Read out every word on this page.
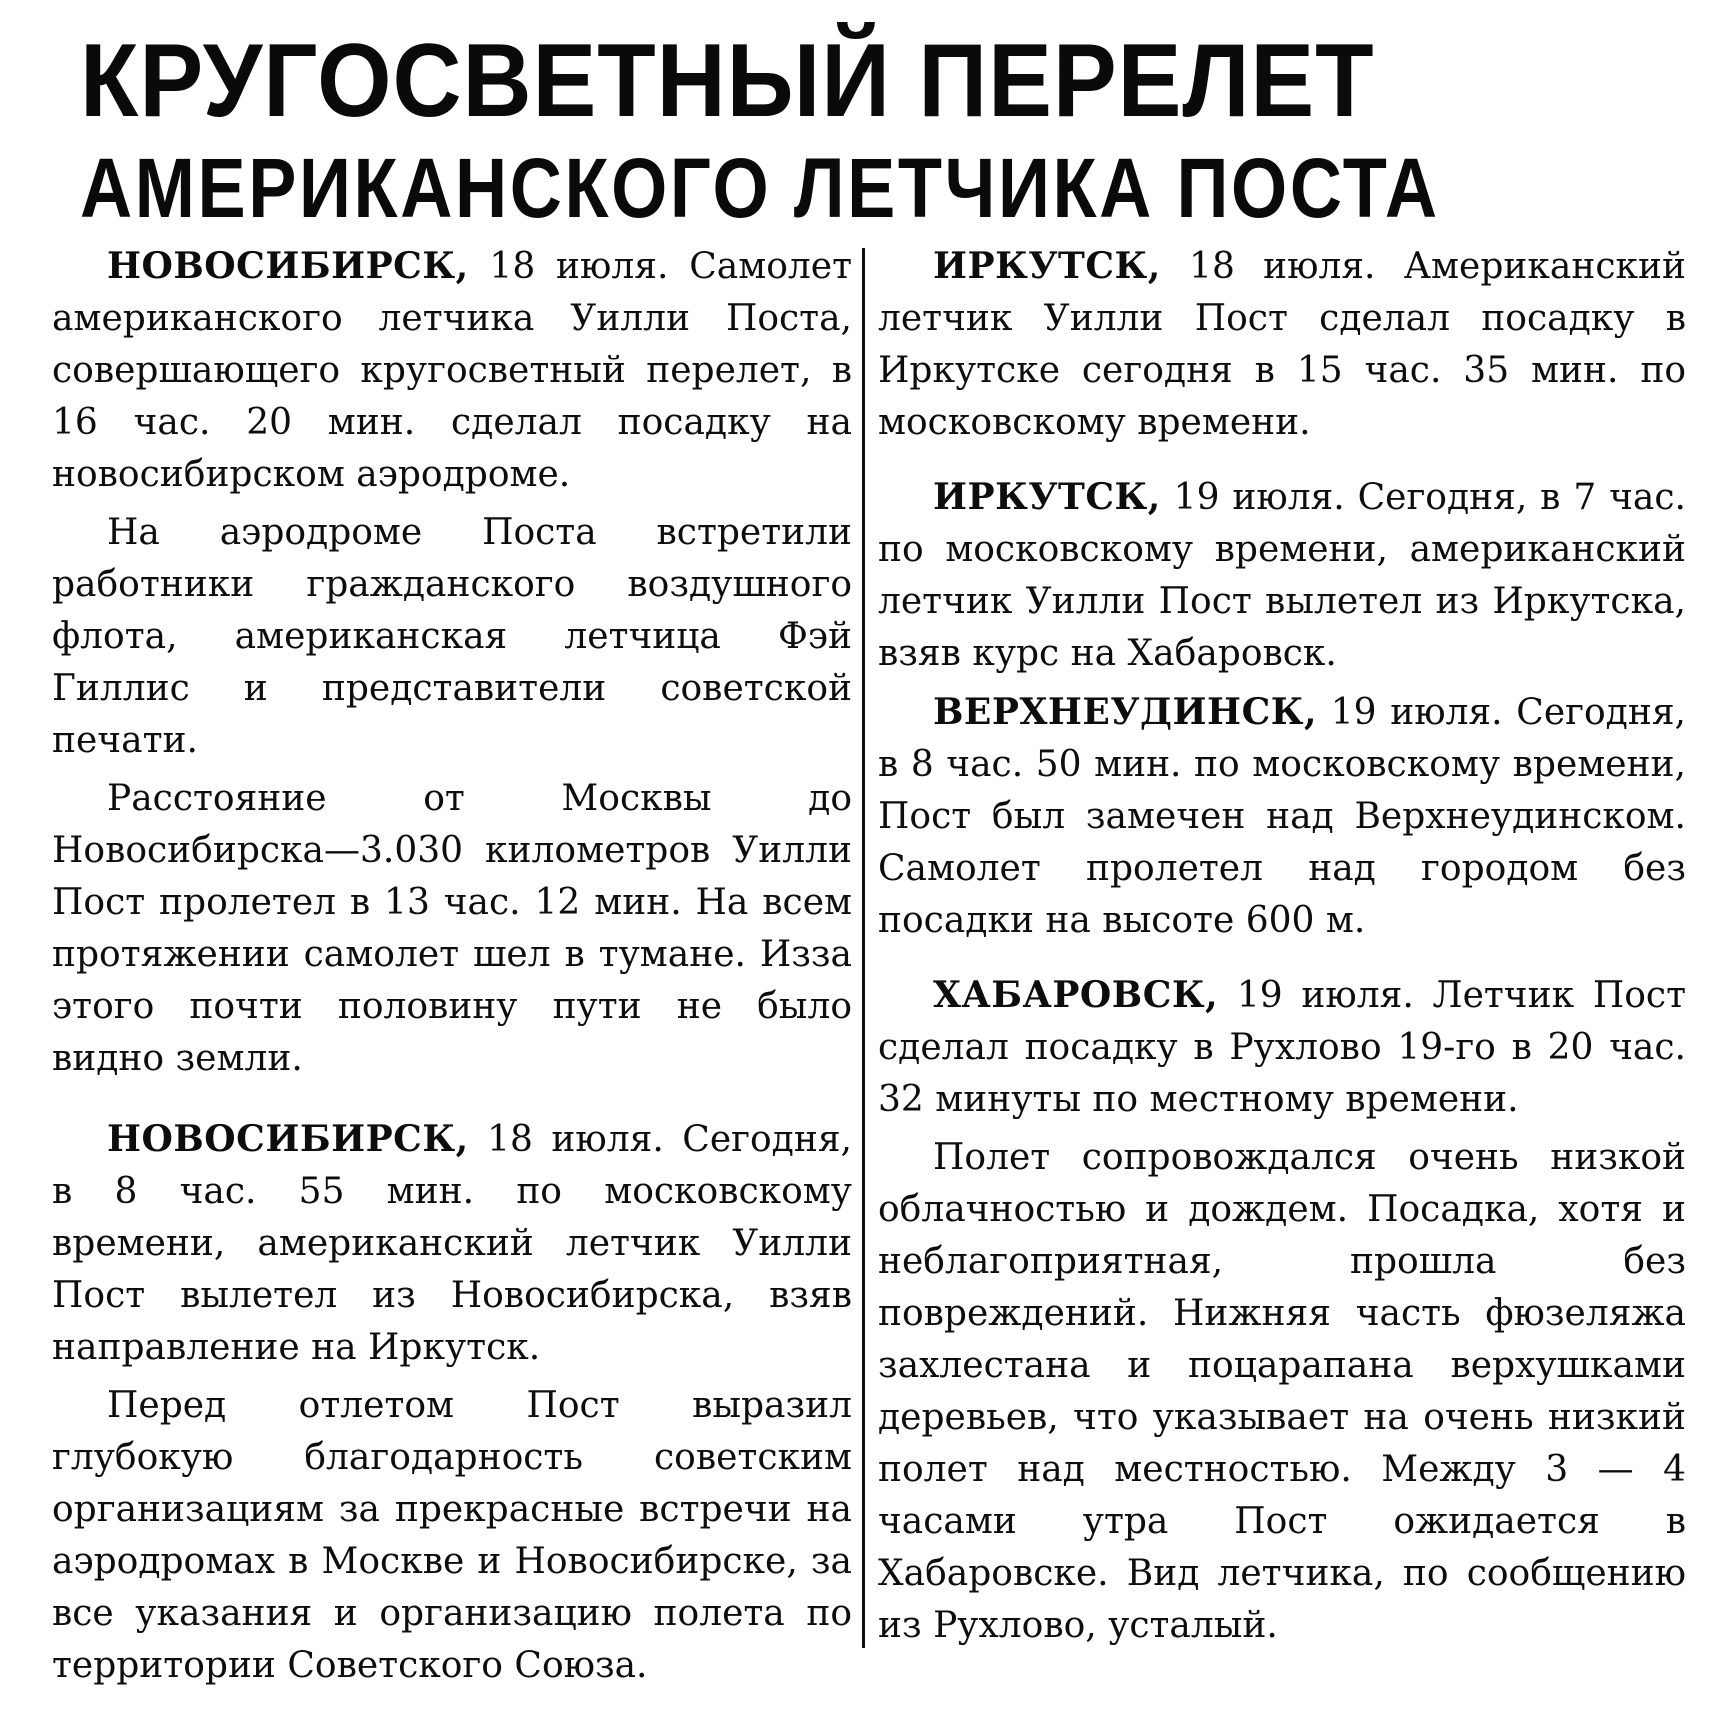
КРУГОСВЕТНЫЙ ПЕРЕЛЕТ
АМЕРИКАНСКОГО ЛЕТЧИКА ПОСТА

НОВОСИБИРСК, 18 июля. Самолет американского летчика Уилли Поста, совершающего кругосветный перелет, в 16 час. 20 мин. сделал посадку на новосибирском аэродроме.

На аэродроме Поста встретили работники гражданского воздушного флота, американская летчица Фэй Гиллис и представители советской печати.

Расстояние от Москвы до Новосибирска—3.030 километров Уилли Пост пролетел в 13 час. 12 мин. На всем протяжении самолет шел в тумане. Изза этого почти половину пути не было видно земли.

НОВОСИБИРСК, 18 июля. Сегодня, в 8 час. 55 мин. по московскому времени, американский летчик Уилли Пост вылетел из Новосибирска, взяв направление на Иркутск.

Перед отлетом Пост выразил глубокую благодарность советским организациям за прекрасные встречи на аэродромах в Москве и Новосибирске, за все указания и организацию полета по территории Советского Союза.

ИРКУТСК, 18 июля. Американский летчик Уилли Пост сделал посадку в Иркутске сегодня в 15 час. 35 мин. по московскому времени.

ИРКУТСК, 19 июля. Сегодня, в 7 час. по московскому времени, американский летчик Уилли Пост вылетел из Иркутска, взяв курс на Хабаровск.

ВЕРХНЕУДИНСК, 19 июля. Сегодня, в 8 час. 50 мин. по московскому времени, Пост был замечен над Верхнеудинском. Самолет пролетел над городом без посадки на высоте 600 м.

ХАБАРОВСК, 19 июля. Летчик Пост сделал посадку в Рухлово 19-го в 20 час. 32 минуты по местному времени.

Полет сопровождался очень низкой облачностью и дождем. Посадка, хотя и неблагоприятная, прошла без повреждений. Нижняя часть фюзеляжа захлестана и поцарапана верхушками деревьев, что указывает на очень низкий полет над местностью. Между 3 — 4 часами утра Пост ожидается в Хабаровске. Вид летчика, по сообщению из Рухлово, усталый.
